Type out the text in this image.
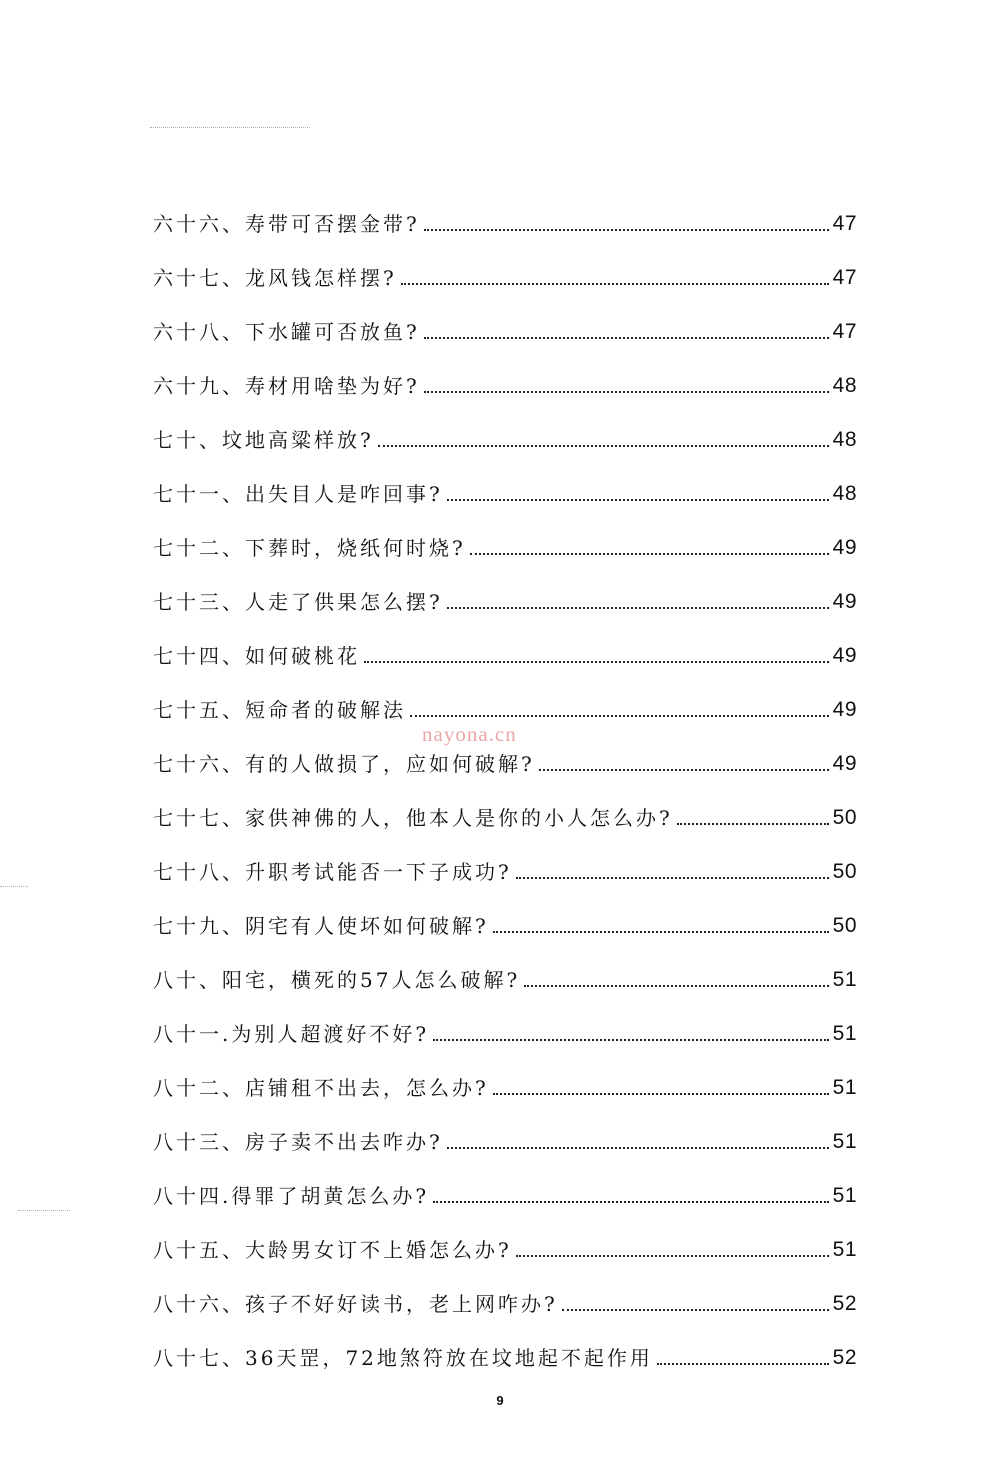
六十六、寿带可否摆金带?	47
六十七、龙风钱怎样摆?	47
六十八、下水罐可否放鱼?	47
六十九、寿材用啥垫为好?	48
七十、坟地高粱样放?	48
七十一、出失目人是咋回事?	48
七十二、下葬时，烧纸何时烧?	49
七十三、人走了供果怎么摆?	49
七十四、如何破桃花	49
七十五、短命者的破解法	49
七十六、有的人做损了，应如何破解?	49
七十七、家供神佛的人，他本人是你的小人怎么办?	50
七十八、升职考试能否一下子成功?	50
七十九、阴宅有人使坏如何破解?	50
八十、阳宅，横死的57人怎么破解?	51
八十一.为别人超渡好不好?	51
八十二、店铺租不出去，怎么办?	51
八十三、房子卖不出去咋办?	51
八十四.得罪了胡黄怎么办?	51
八十五、大龄男女订不上婚怎么办?	51
八十六、孩子不好好读书，老上网咋办?	52
八十七、36天罡，72地煞符放在坟地起不起作用	52
nayona.cn
9
